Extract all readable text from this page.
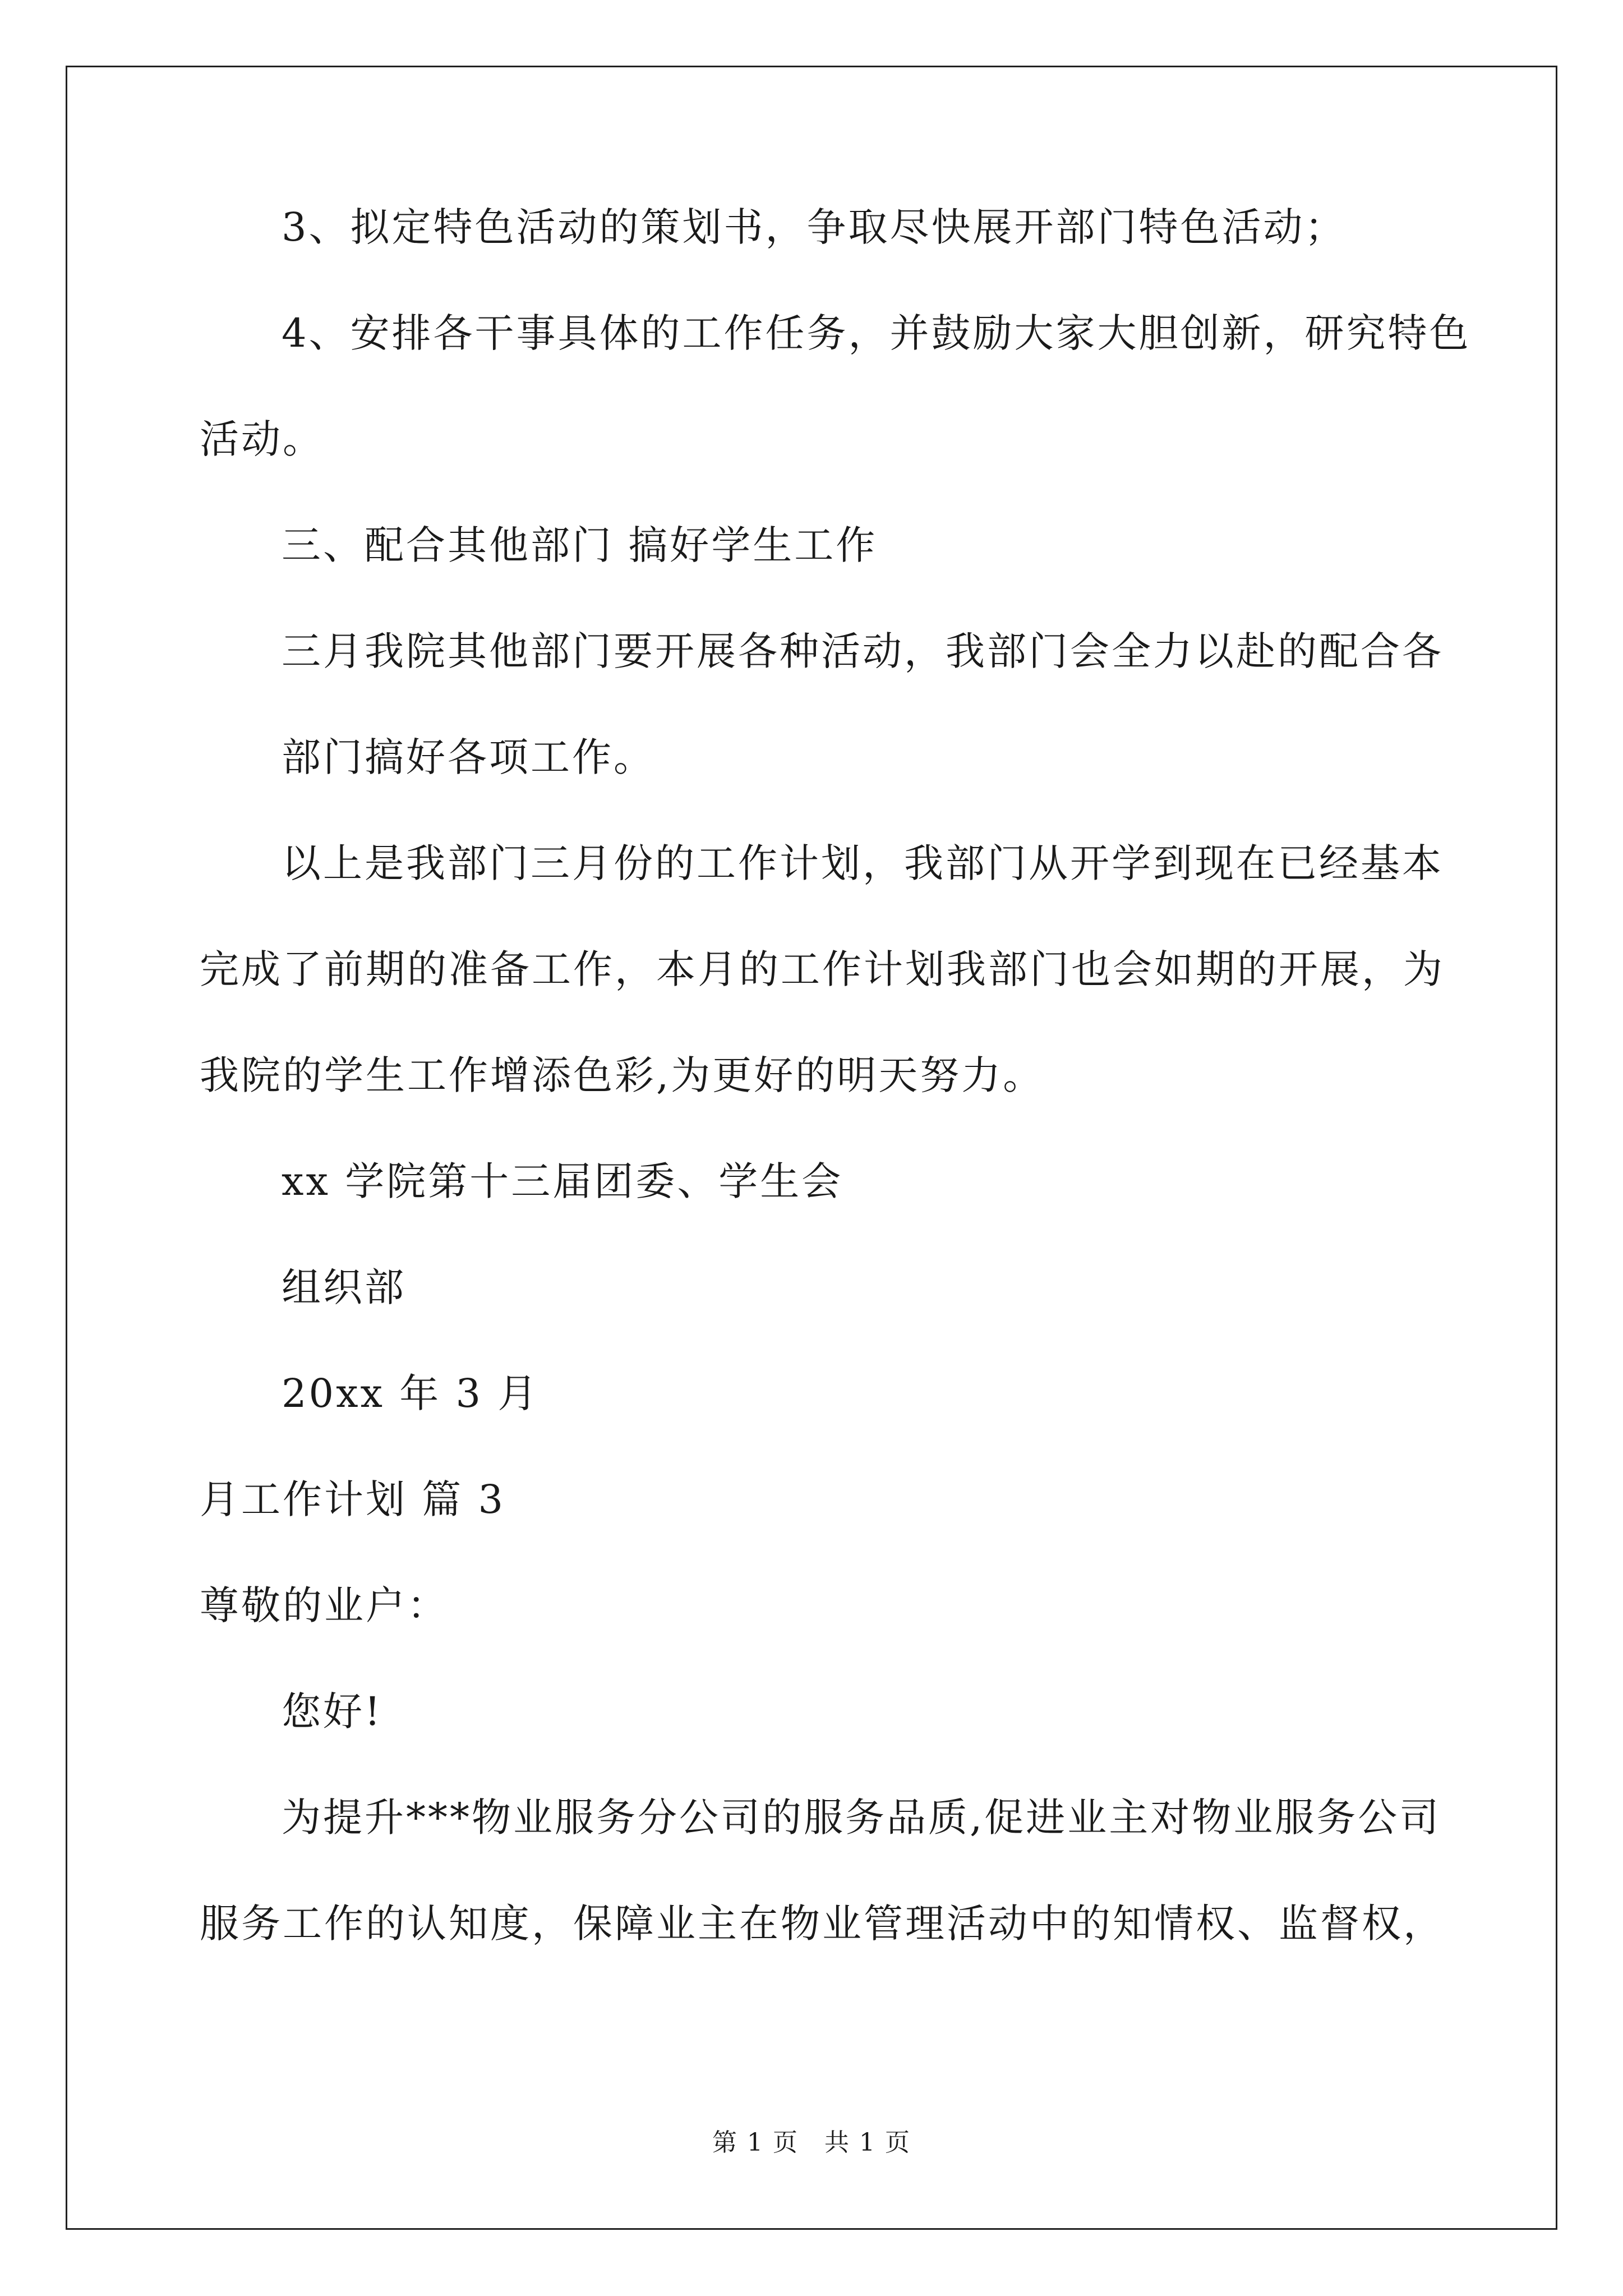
3、拟定特色活动的策划书，争取尽快展开部门特色活动；
4、安排各干事具体的工作任务，并鼓励大家大胆创新，研究特色
活动。
三、配合其他部门 搞好学生工作
三月我院其他部门要开展各种活动，我部门会全力以赴的配合各
部门搞好各项工作。
以上是我部门三月份的工作计划，我部门从开学到现在已经基本
完成了前期的准备工作，本月的工作计划我部门也会如期的开展，为
我院的学生工作增添色彩,为更好的明天努力。
xx 学院第十三届团委、学生会
组织部
20xx 年 3 月
月工作计划 篇 3
尊敬的业户：
您好!
为提升***物业服务分公司的服务品质,促进业主对物业服务公司
服务工作的认知度，保障业主在物业管理活动中的知情权、监督权，
第 1 页　共 1 页
